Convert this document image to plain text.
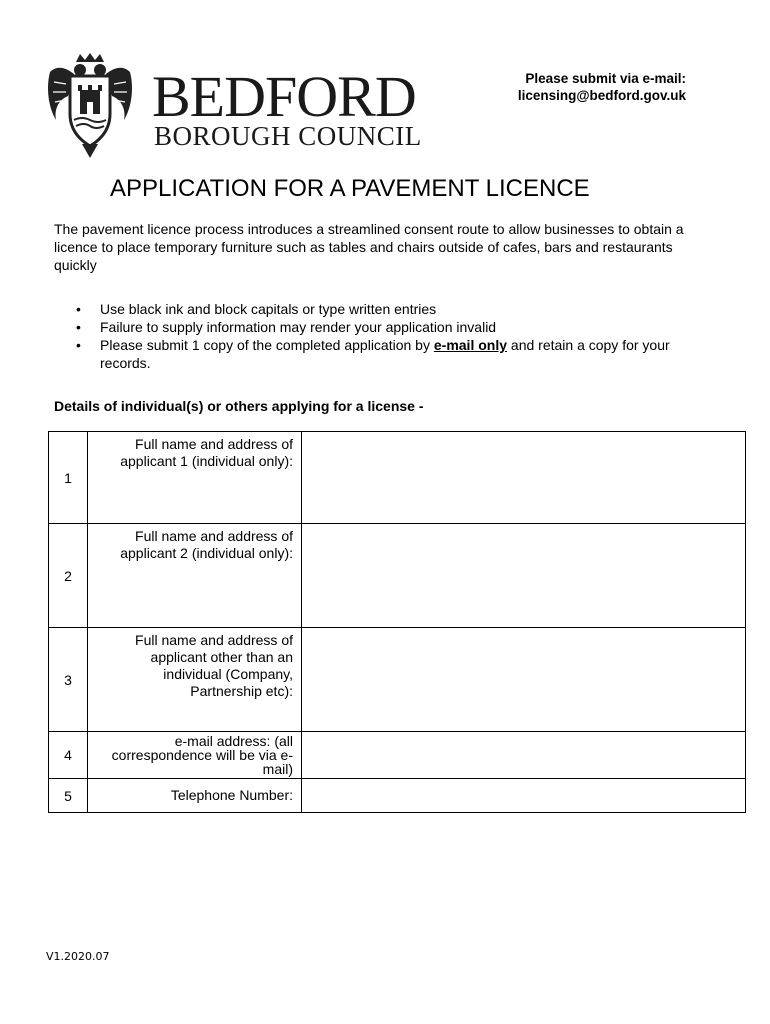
BEDFORD
BOROUGH COUNCIL
Please submit via e-mail:
licensing@bedford.gov.uk
APPLICATION FOR A PAVEMENT LICENCE

The pavement licence process introduces a streamlined consent route to allow businesses to obtain a licence to place temporary furniture such as tables and chairs outside of cafes, bars and restaurants quickly

• Use black ink and block capitals or type written entries
• Failure to supply information may render your application invalid
• Please submit 1 copy of the completed application by e-mail only and retain a copy for your records.
Details of individual(s) or others applying for a license -
1	Full name and address of applicant 1 (individual only):	
2	Full name and address of applicant 2 (individual only):	
3	Full name and address of applicant other than an individual (Company, Partnership etc):	
4	e-mail address: (all correspondence will be via e-mail)	
5	Telephone Number:	
V1.2020.07
